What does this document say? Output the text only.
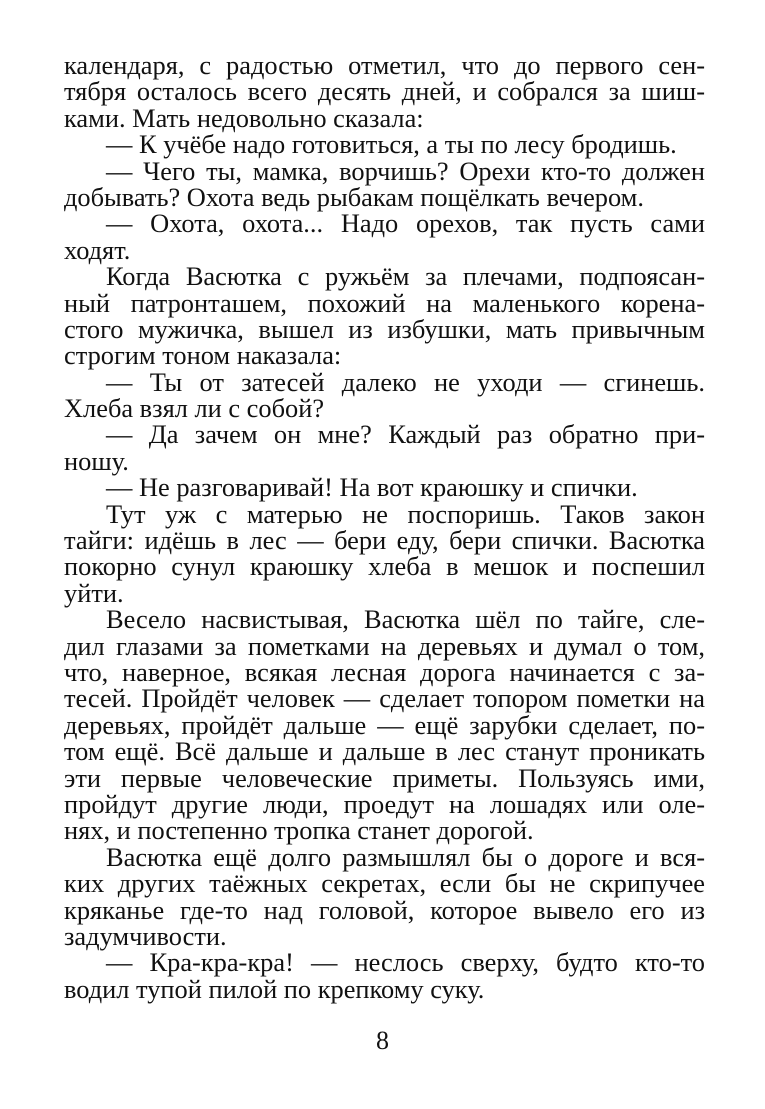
календаря, с радостью отметил, что до первого сен-
тября осталось всего десять дней, и собрался за шиш-
ками. Мать недовольно сказала:
— К учёбе надо готовиться, а ты по лесу бродишь.
— Чего ты, мамка, ворчишь? Орехи кто-то должен
добывать? Охота ведь рыбакам пощёлкать вечером.
— Охота, охота... Надо орехов, так пусть сами
ходят.
Когда Васютка с ружьём за плечами, подпоясан-
ный патронташем, похожий на маленького корена-
стого мужичка, вышел из избушки, мать привычным
строгим тоном наказала:
— Ты от затесей далеко не уходи — сгинешь.
Хлеба взял ли с собой?
— Да зачем он мне? Каждый раз обратно при-
ношу.
— Не разговаривай! На вот краюшку и спички.
Тут уж с матерью не поспоришь. Таков закон
тайги: идёшь в лес — бери еду, бери спички. Васютка
покорно сунул краюшку хлеба в мешок и поспешил
уйти.
Весело насвистывая, Васютка шёл по тайге, сле-
дил глазами за пометками на деревьях и думал о том,
что, наверное, всякая лесная дорога начинается с за-
тесей. Пройдёт человек — сделает топором пометки на
деревьях, пройдёт дальше — ещё зарубки сделает, по-
том ещё. Всё дальше и дальше в лес станут проникать
эти первые человеческие приметы. Пользуясь ими,
пройдут другие люди, проедут на лошадях или оле-
нях, и постепенно тропка станет дорогой.
Васютка ещё долго размышлял бы о дороге и вся-
ких других таёжных секретах, если бы не скрипучее
кряканье где-то над головой, которое вывело его из
задумчивости.
— Кра-кра-кра! — неслось сверху, будто кто-то
водил тупой пилой по крепкому суку.
8
